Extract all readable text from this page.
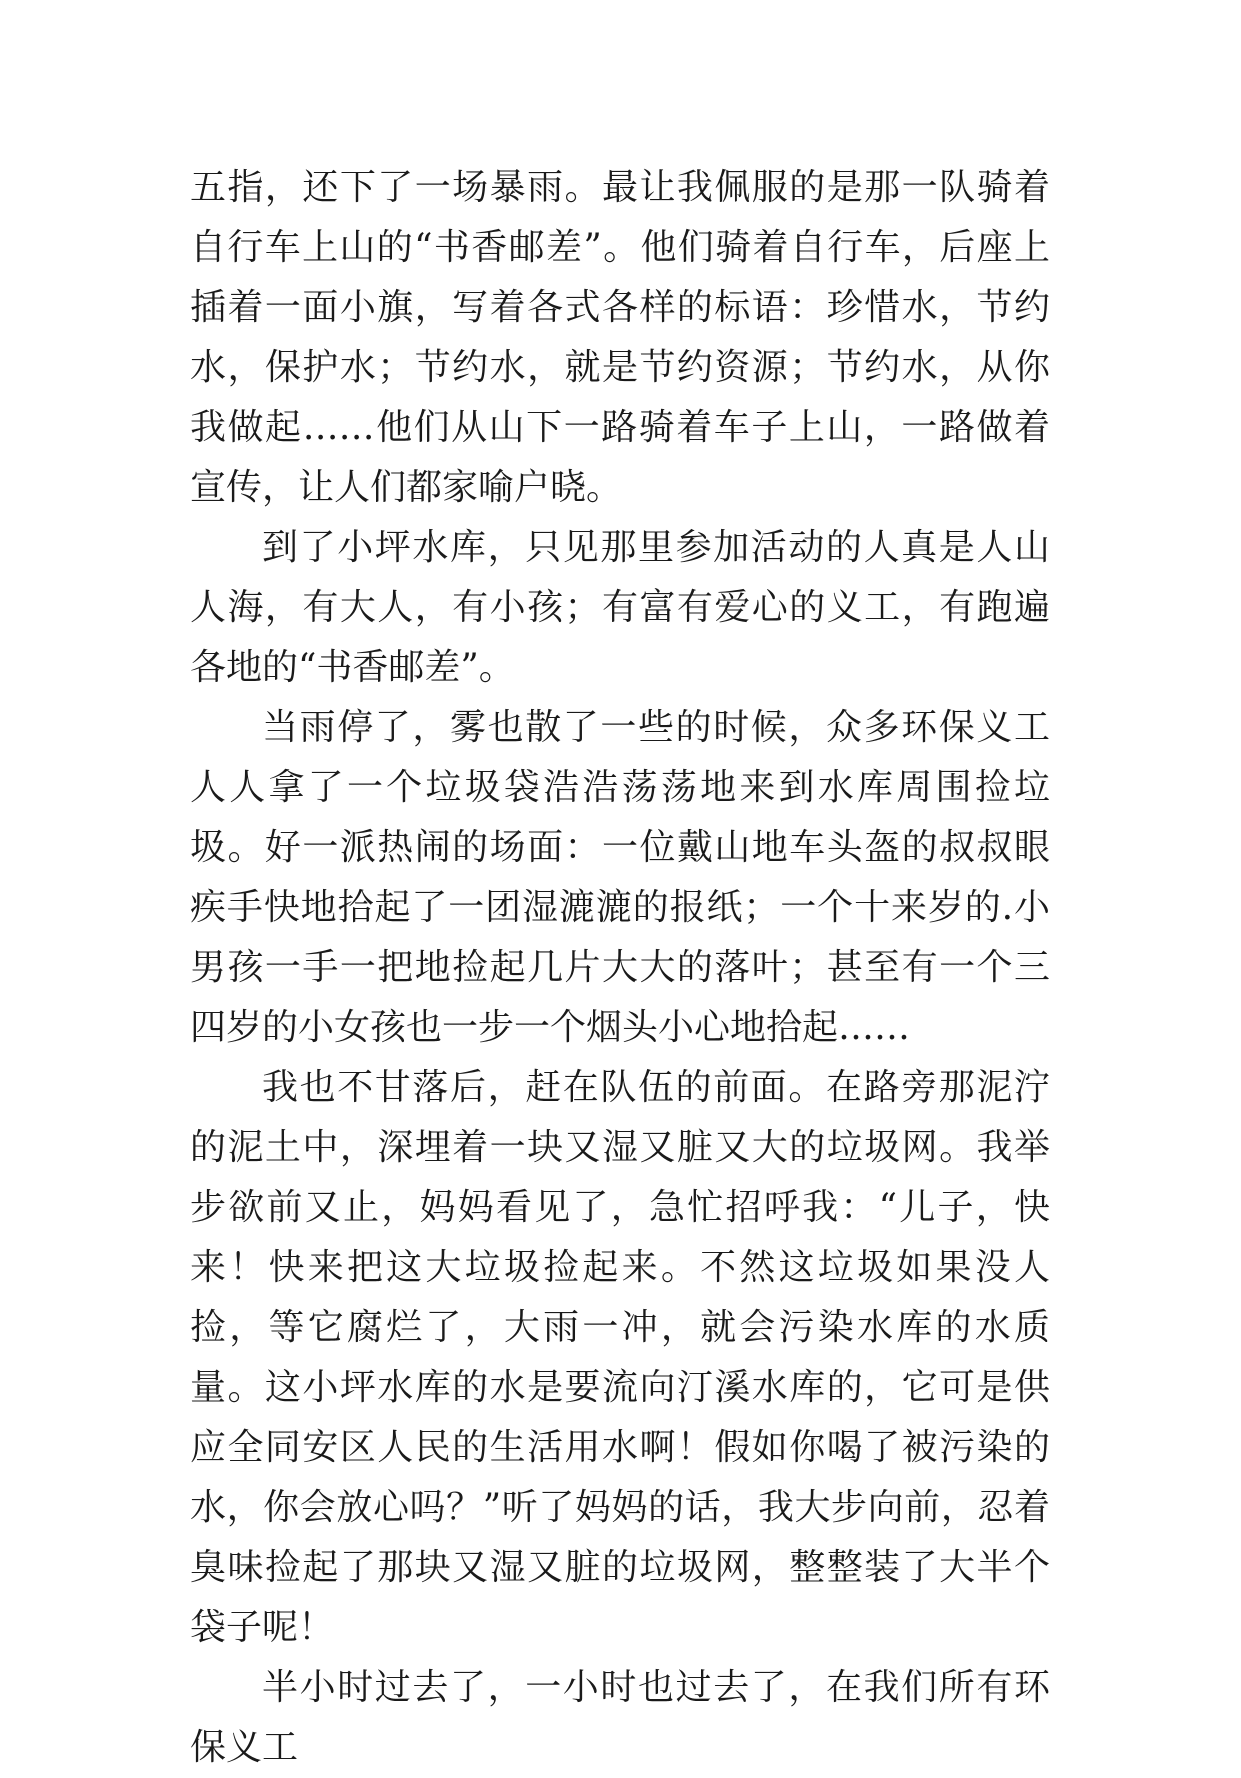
五指，还下了一场暴雨。最让我佩服的是那一队骑着自行车上山的“书香邮差”。他们骑着自行车，后座上插着一面小旗，写着各式各样的标语：珍惜水，节约水，保护水；节约水，就是节约资源；节约水，从你我做起……他们从山下一路骑着车子上山，一路做着宣传，让人们都家喻户晓。

到了小坪水库，只见那里参加活动的人真是人山人海，有大人，有小孩；有富有爱心的义工，有跑遍各地的“书香邮差”。

当雨停了，雾也散了一些的时候，众多环保义工人人拿了一个垃圾袋浩浩荡荡地来到水库周围捡垃圾。好一派热闹的场面：一位戴山地车头盔的叔叔眼疾手快地拾起了一团湿漉漉的报纸；一个十来岁的.小男孩一手一把地捡起几片大大的落叶；甚至有一个三四岁的小女孩也一步一个烟头小心地拾起……

我也不甘落后，赶在队伍的前面。在路旁那泥泞的泥土中，深埋着一块又湿又脏又大的垃圾网。我举步欲前又止，妈妈看见了，急忙招呼我：“儿子，快来！快来把这大垃圾捡起来。不然这垃圾如果没人捡，等它腐烂了，大雨一冲，就会污染水库的水质量。这小坪水库的水是要流向汀溪水库的，它可是供应全同安区人民的生活用水啊！假如你喝了被污染的水，你会放心吗？”听了妈妈的话，我大步向前，忍着臭味捡起了那块又湿又脏的垃圾网，整整装了大半个袋子呢！

半小时过去了，一小时也过去了，在我们所有环保义工
